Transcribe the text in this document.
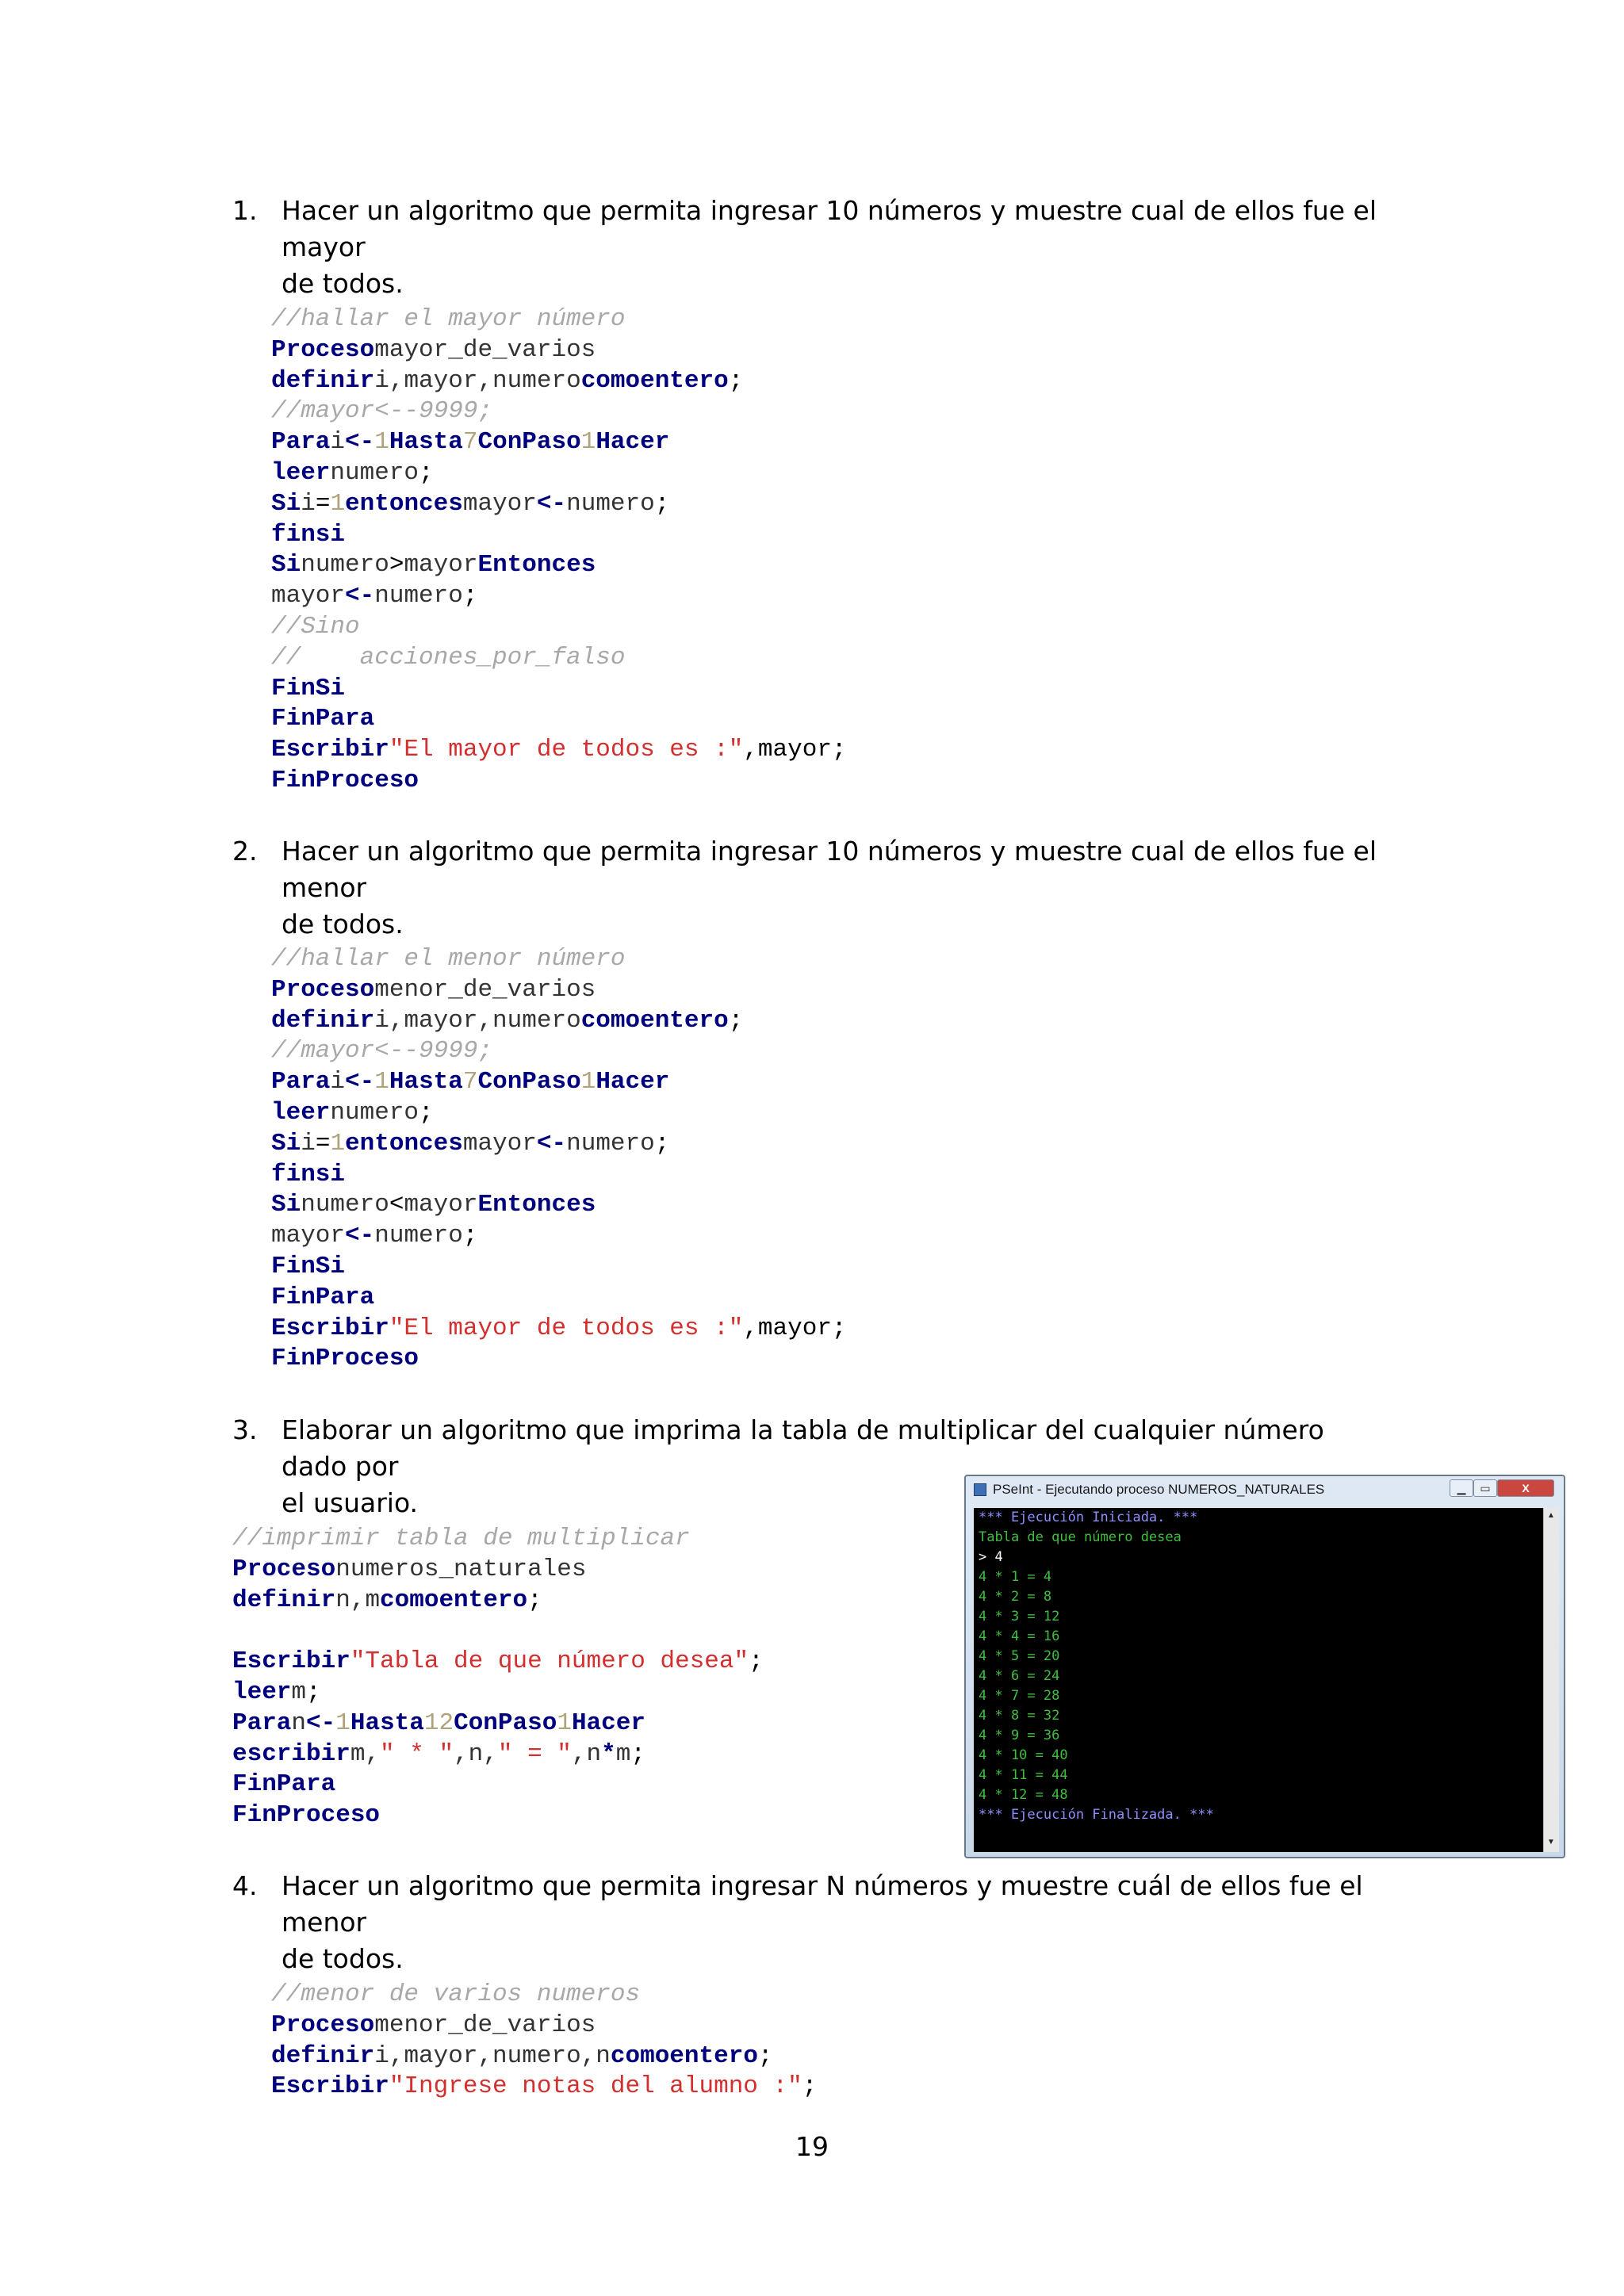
1. Hacer un algoritmo que permita ingresar 10 números y muestre cual de ellos fue el mayor
de todos.
//hallar el mayor número
Procesomayor_de_varios
definiri,mayor,numerocomoentero;
//mayor<--9999;
Parai<-1Hasta7ConPaso1Hacer
leernumero;
Sii=1entoncesmayor<-numero;
finsi
Sinumero>mayorEntonces
mayor<-numero;
//Sino
//    acciones_por_falso
FinSi
FinPara
Escribir"El mayor de todos es :",mayor;
FinProceso
2. Hacer un algoritmo que permita ingresar 10 números y muestre cual de ellos fue el menor
de todos.
//hallar el menor número
Procesomenor_de_varios
definiri,mayor,numerocomoentero;
//mayor<--9999;
Parai<-1Hasta7ConPaso1Hacer
leernumero;
Sii=1entoncesmayor<-numero;
finsi
Sinumero<mayorEntonces
mayor<-numero;
FinSi
FinPara
Escribir"El mayor de todos es :",mayor;
FinProceso
3. Elaborar un algoritmo que imprima la tabla de multiplicar del cualquier número dado por
el usuario.
//imprimir tabla de multiplicar
Procesonumeros_naturales
definirn,mcomoentero;
Escribir"Tabla de que número desea";
leerm;
Paran<-1Hasta12ConPaso1Hacer
escribirm," * ",n," = ",n*m;
FinPara
FinProceso
PSeInt - Ejecutando proceso NUMEROS_NATURALES	▁	▭	X
*** Ejecución Iniciada. ***
Tabla de que número desea
> 4
4 * 1 = 4
4 * 2 = 8
4 * 3 = 12
4 * 4 = 16
4 * 5 = 20
4 * 6 = 24
4 * 7 = 28
4 * 8 = 32
4 * 9 = 36
4 * 10 = 40
4 * 11 = 44
4 * 12 = 48
*** Ejecución Finalizada. ***
▲
▼
4. Hacer un algoritmo que permita ingresar N números y muestre cuál de ellos fue el menor
de todos.
//menor de varios numeros
Procesomenor_de_varios
definiri,mayor,numero,ncomoentero;
Escribir"Ingrese notas del alumno :";
19
